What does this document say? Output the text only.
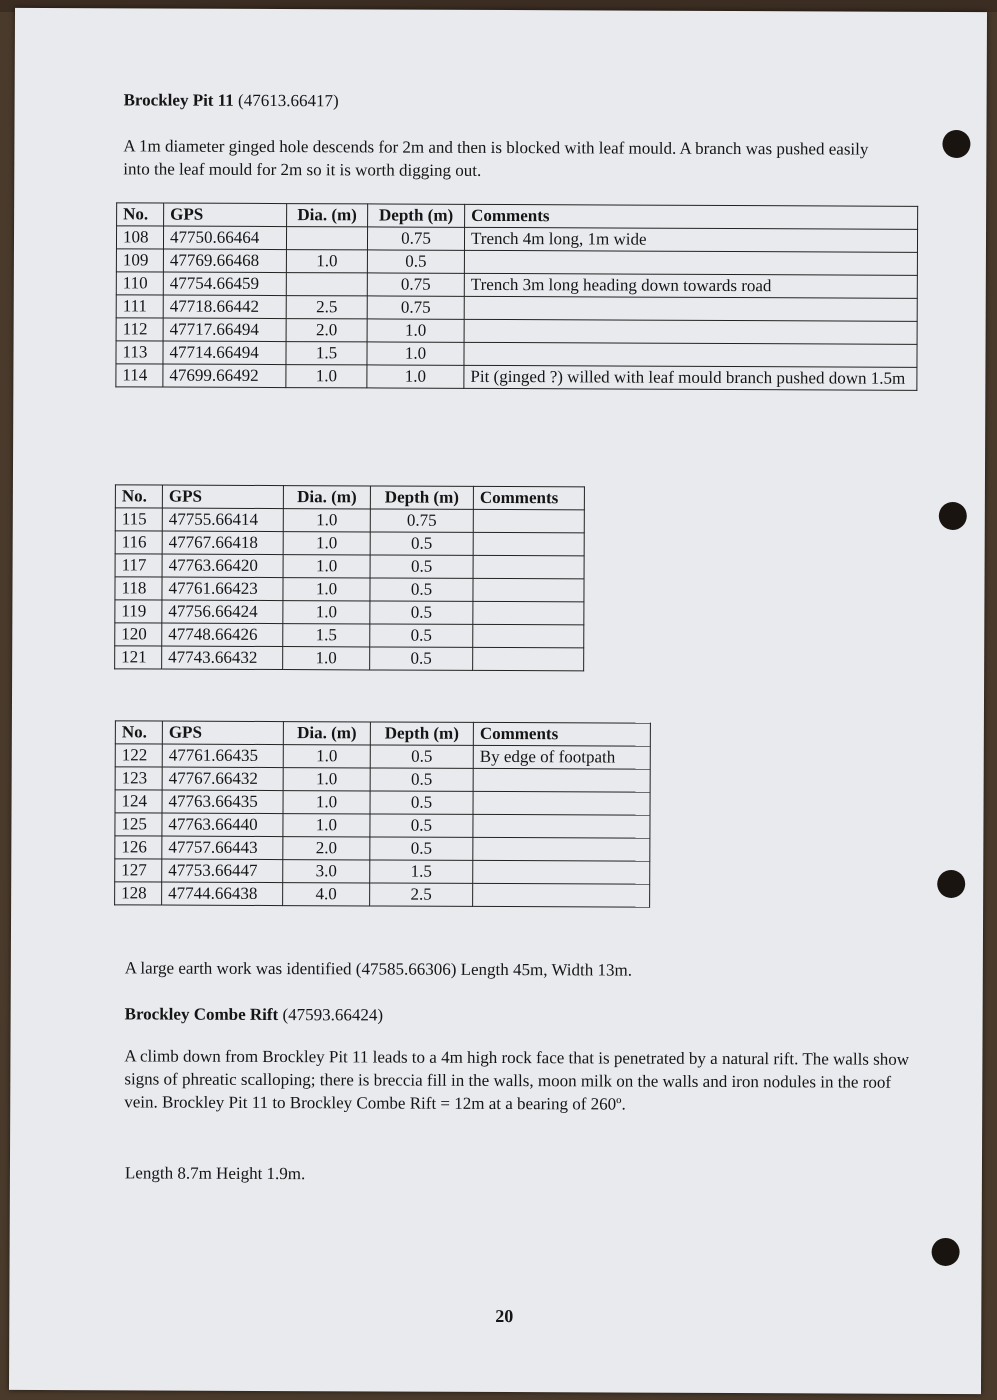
Brockley Pit 11 (47613.66417)
A 1m diameter ginged hole descends for 2m and then is blocked with leaf mould. A branch was pushed easily into the leaf mould for 2m so it is worth digging out.
No.	GPS	Dia. (m)	Depth (m)	Comments
108	47750.66464		0.75	Trench 4m long, 1m wide
109	47769.66468	1.0	0.5	
110	47754.66459		0.75	Trench 3m long heading down towards road
111	47718.66442	2.5	0.75	
112	47717.66494	2.0	1.0	
113	47714.66494	1.5	1.0	
114	47699.66492	1.0	1.0	Pit (ginged ?) willed with leaf mould branch pushed down 1.5m
No.	GPS	Dia. (m)	Depth (m)	Comments
115	47755.66414	1.0	0.75	
116	47767.66418	1.0	0.5	
117	47763.66420	1.0	0.5	
118	47761.66423	1.0	0.5	
119	47756.66424	1.0	0.5	
120	47748.66426	1.5	0.5	
121	47743.66432	1.0	0.5	
No.	GPS	Dia. (m)	Depth (m)	Comments
122	47761.66435	1.0	0.5	By edge of footpath
123	47767.66432	1.0	0.5	
124	47763.66435	1.0	0.5	
125	47763.66440	1.0	0.5	
126	47757.66443	2.0	0.5	
127	47753.66447	3.0	1.5	
128	47744.66438	4.0	2.5	
A large earth work was identified (47585.66306) Length 45m, Width 13m.
Brockley Combe Rift (47593.66424)
A climb down from Brockley Pit 11 leads to a 4m high rock face that is penetrated by a natural rift. The walls show signs of phreatic scalloping; there is breccia fill in the walls, moon milk on the walls and iron nodules in the roof vein. Brockley Pit 11 to Brockley Combe Rift = 12m at a bearing of 260º.
Length 8.7m Height 1.9m.
20
